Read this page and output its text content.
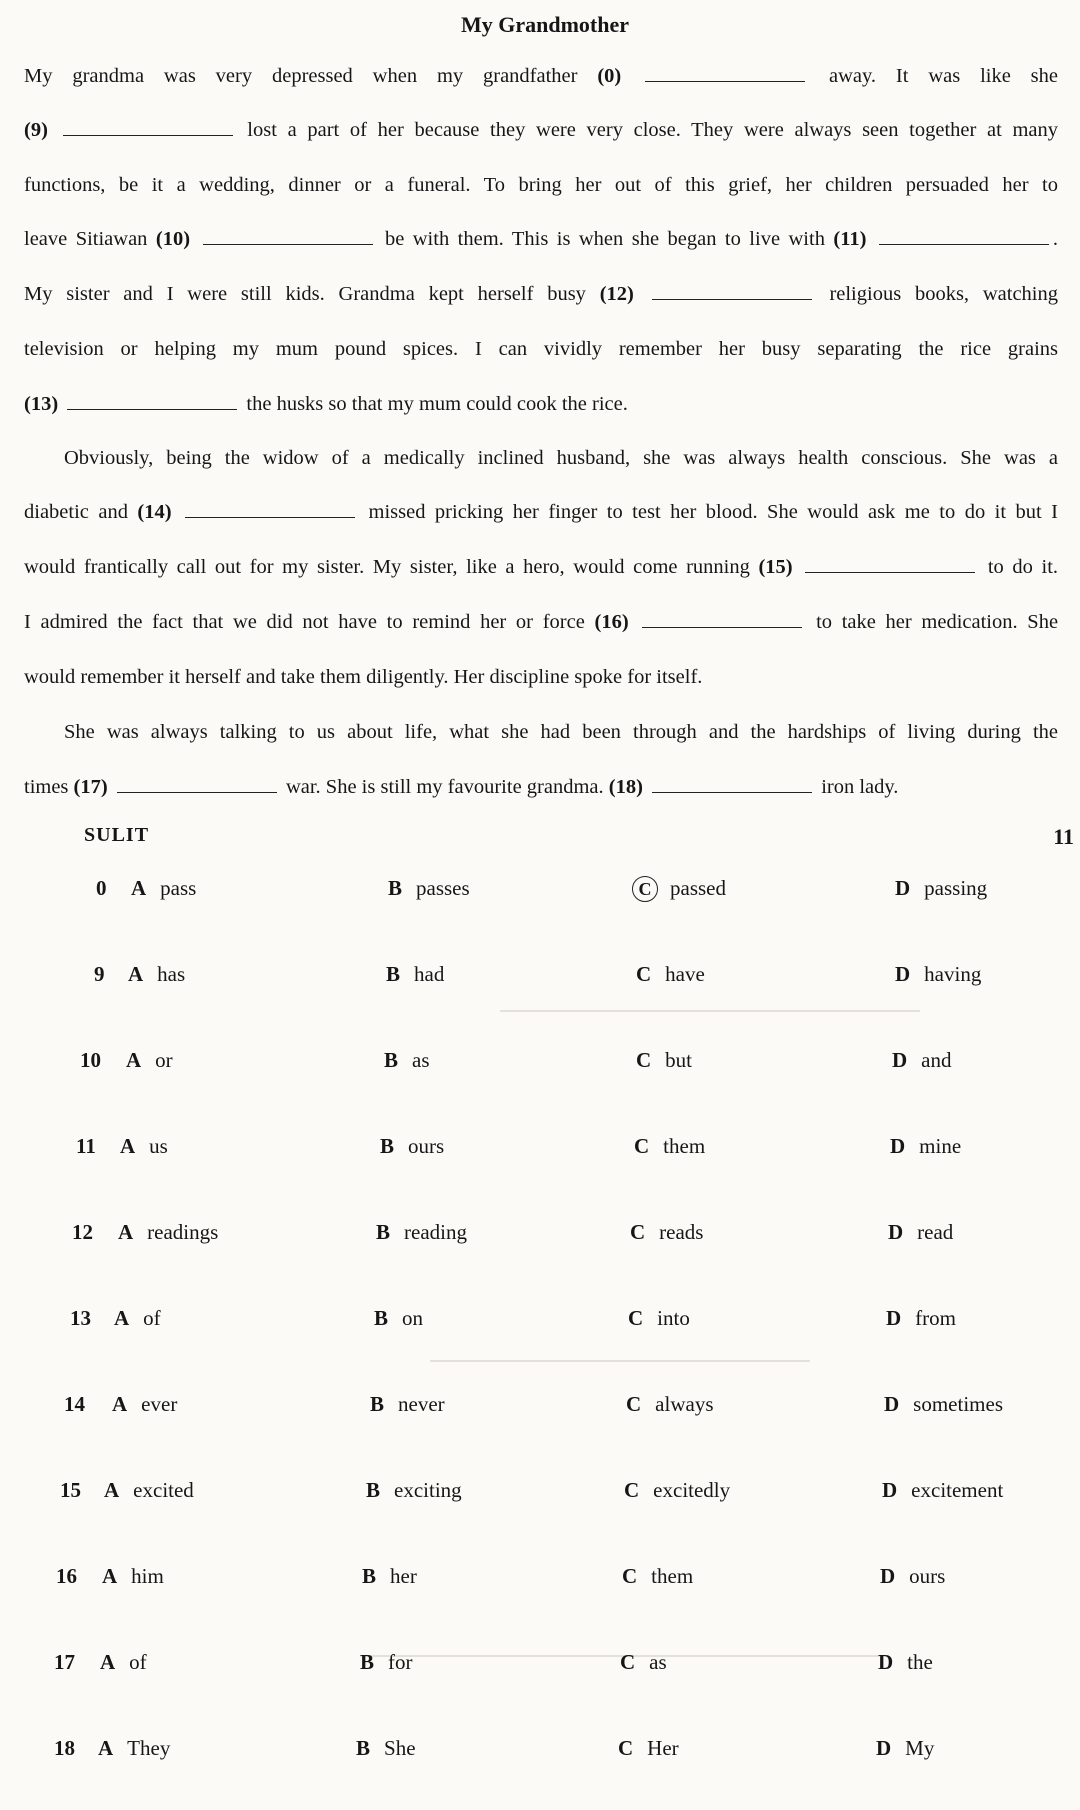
My Grandmother
My grandma was very depressed when my grandfather (0)	away. It was like she
(9)	lost a part of her because they were very close. They were always seen together at many
functions, be it a wedding, dinner or a funeral. To bring her out of this grief, her children persuaded her to
leave Sitiawan (10)	be with them. This is when she began to live with (11)	.
My sister and I were still kids. Grandma kept herself busy (12)	religious books, watching
television or helping my mum pound spices. I can vividly remember her busy separating the rice grains
(13)	the husks so that my mum could cook the rice.
Obviously, being the widow of a medically inclined husband, she was always health conscious. She was a
diabetic and (14)	missed pricking her finger to test her blood. She would ask me to do it but I
would frantically call out for my sister. My sister, like a hero, would come running (15)	to do it.
I admired the fact that we did not have to remind her or force (16)	to take her medication. She
would remember it herself and take them diligently. Her discipline spoke for itself.
She was always talking to us about life, what she had been through and the hardships of living during the
times (17)	war. She is still my favourite grandma. (18)	iron lady.
SULIT	11
0 A pass	B passes	C passed	D passing
9 A has	B had	C have	D having
10 A or	B as	C but	D and
11 A us	B ours	C them	D mine
12 A readings	B reading	C reads	D read
13 A of	B on	C into	D from
14 A ever	B never	C always	D sometimes
15 A excited	B exciting	C excitedly	D excitement
16 A him	B her	C them	D ours
17 A of	B for	C as	D the
18 A They	B She	C Her	D My
